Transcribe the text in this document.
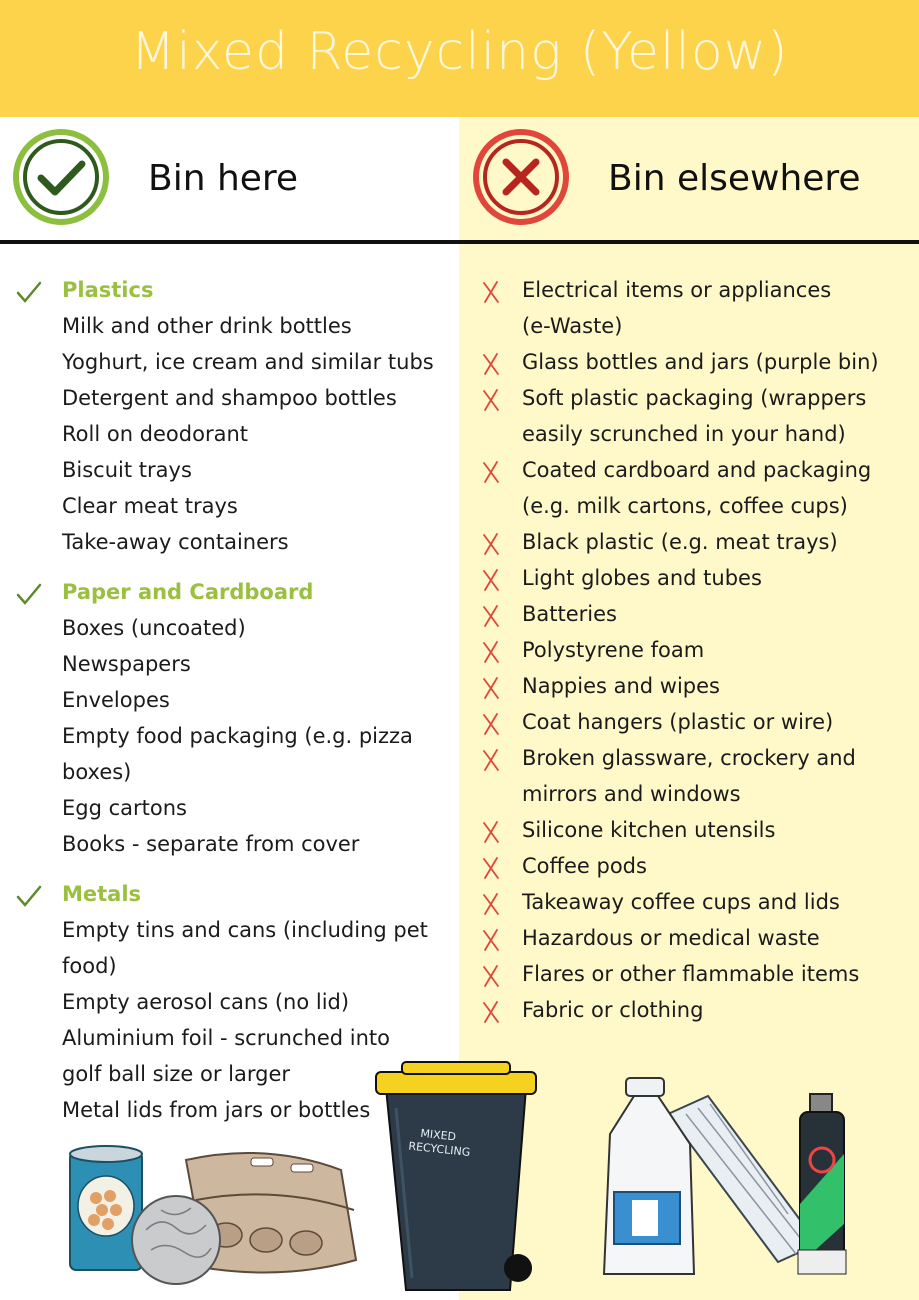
Mixed Recycling (Yellow)
Bin here	Bin elsewhere
Plastics
Milk and other drink bottles
Yoghurt, ice cream and similar tubs
Detergent and shampoo bottles
Roll on deodorant
Biscuit trays
Clear meat trays
Take-away containers
Paper and Cardboard
Boxes (uncoated)
Newspapers
Envelopes
Empty food packaging (e.g. pizza
boxes)
Egg cartons
Books - separate from cover
Metals
Empty tins and cans (including pet
food)
Empty aerosol cans (no lid)
Aluminium foil - scrunched into
golf ball size or larger
Metal lids from jars or bottles
Electrical items or appliances
(e-Waste)
Glass bottles and jars (purple bin)
Soft plastic packaging (wrappers
easily scrunched in your hand)
Coated cardboard and packaging
(e.g. milk cartons, coffee cups)
Black plastic (e.g. meat trays)
Light globes and tubes
Batteries
Polystyrene foam
Nappies and wipes
Coat hangers (plastic or wire)
Broken glassware, crockery and
mirrors and windows
Silicone kitchen utensils
Coffee pods
Takeaway coffee cups and lids
Hazardous or medical waste
Flares or other flammable items
Fabric or clothing
MIXED
RECYCLING
